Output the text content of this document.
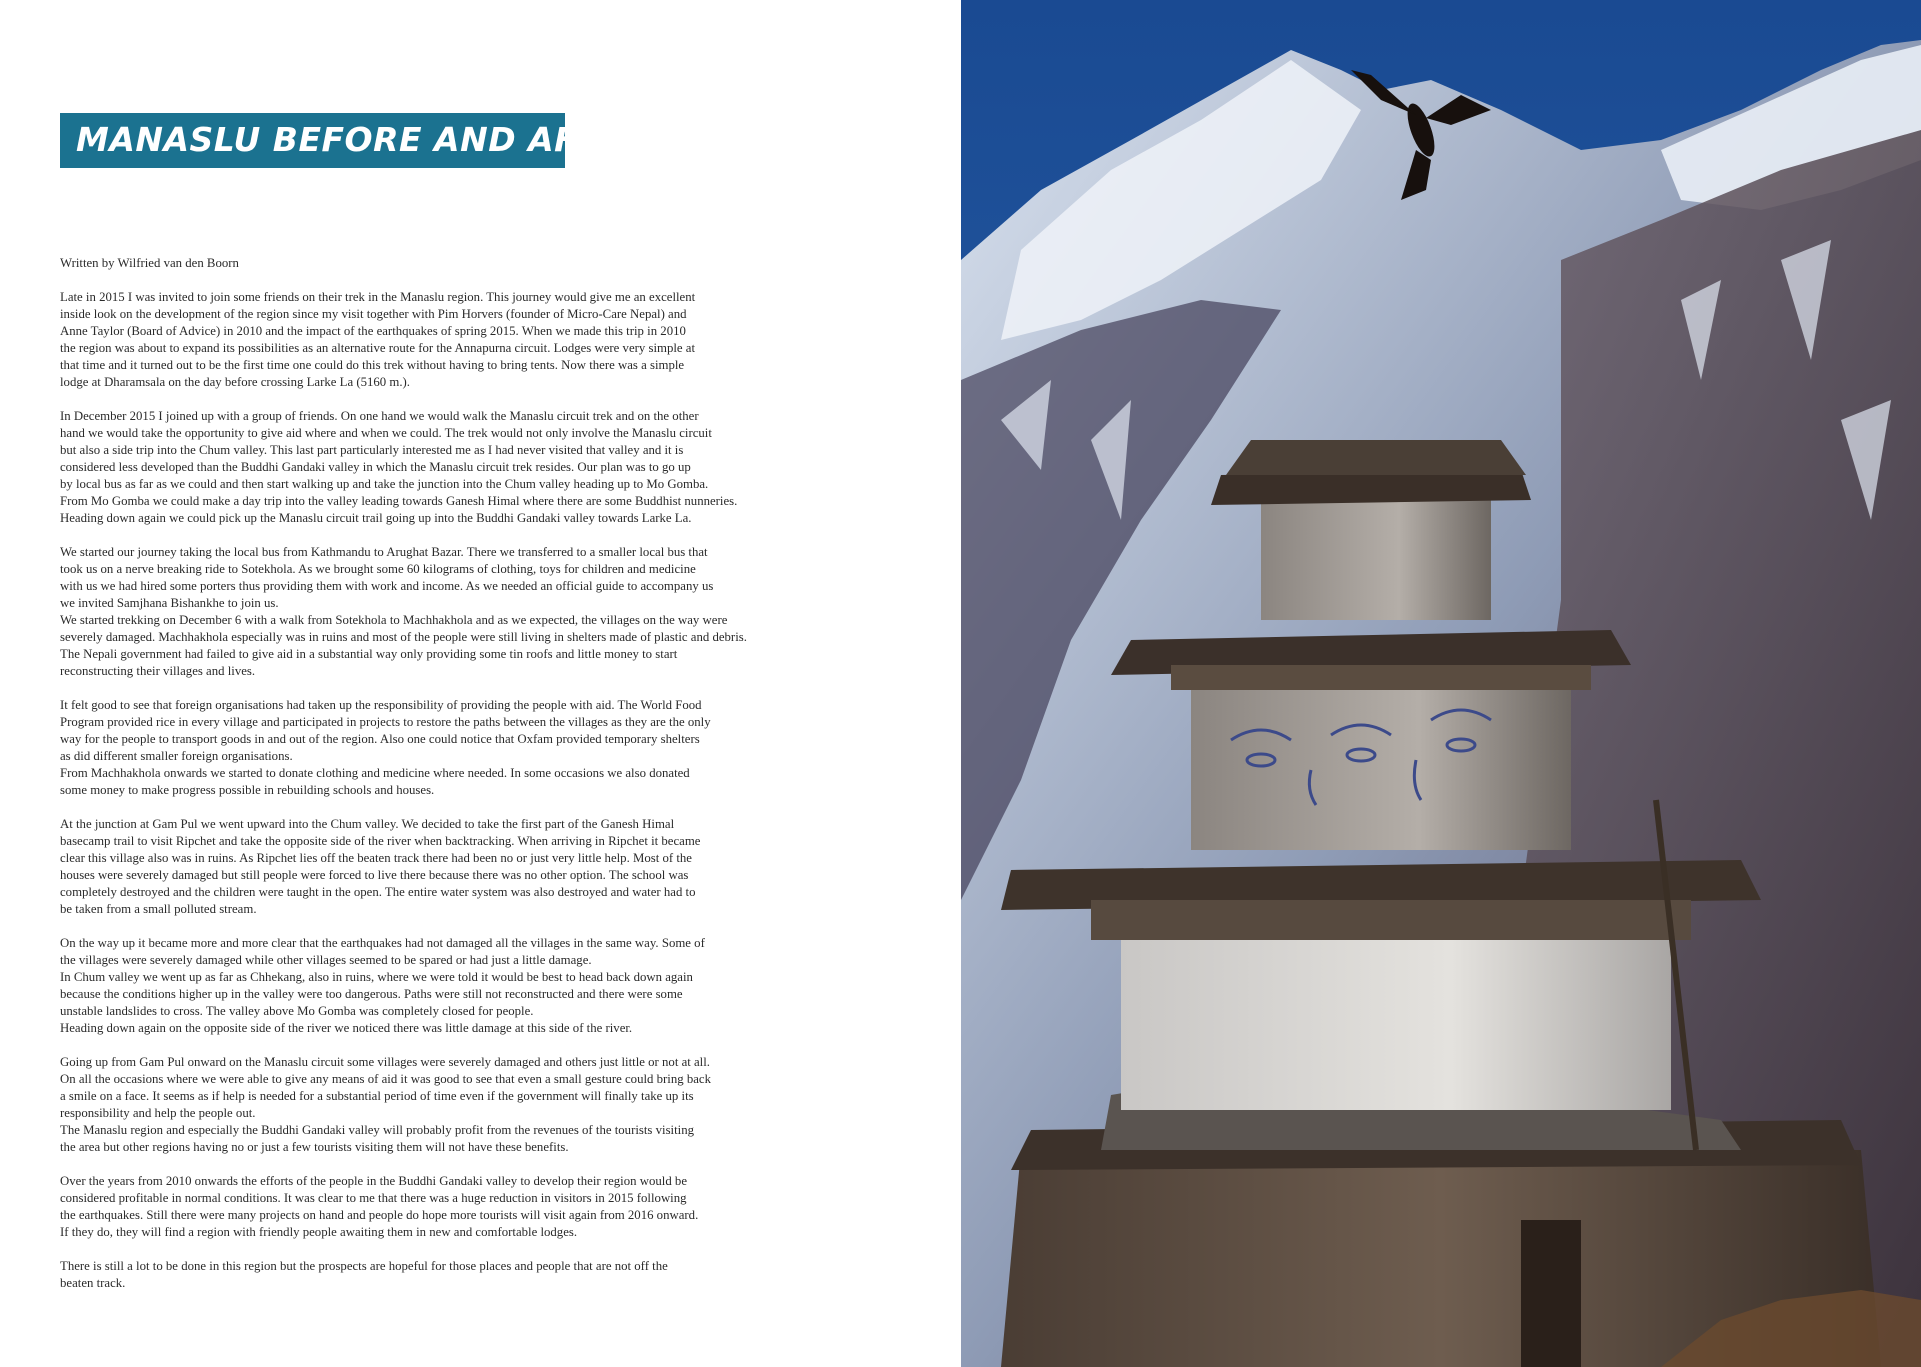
MANASLU BEFORE AND AFTER

Written by Wilfried van den Boorn

Late in 2015 I was invited to join some friends on their trek in the Manaslu region. This journey would give me an excellent
inside look on the development of the region since my visit together with Pim Horvers (founder of Micro-Care Nepal) and
Anne Taylor (Board of Advice) in 2010 and the impact of the earthquakes of spring 2015. When we made this trip in 2010
the region was about to expand its possibilities as an alternative route for the Annapurna circuit. Lodges were very simple at
that time and it turned out to be the first time one could do this trek without having to bring tents. Now there was a simple
lodge at Dharamsala on the day before crossing Larke La (5160 m.).

In December 2015 I joined up with a group of friends. On one hand we would walk the Manaslu circuit trek and on the other
hand we would take the opportunity to give aid where and when we could. The trek would not only involve the Manaslu circuit
but also a side trip into the Chum valley. This last part particularly interested me as I had never visited that valley and it is
considered less developed than the Buddhi Gandaki valley in which the Manaslu circuit trek resides. Our plan was to go up
by local bus as far as we could and then start walking up and take the junction into the Chum valley heading up to Mo Gomba.
From Mo Gomba we could make a day trip into the valley leading towards Ganesh Himal where there are some Buddhist nunneries.
Heading down again we could pick up the Manaslu circuit trail going up into the Buddhi Gandaki valley towards Larke La.

We started our journey taking the local bus from Kathmandu to Arughat Bazar. There we transferred to a smaller local bus that
took us on a nerve breaking ride to Sotekhola. As we brought some 60 kilograms of clothing, toys for children and medicine
with us we had hired some porters thus providing them with work and income. As we needed an official guide to accompany us
we invited Samjhana Bishankhe to join us.
We started trekking on December 6 with a walk from Sotekhola to Machhakhola and as we expected, the villages on the way were
severely damaged. Machhakhola especially was in ruins and most of the people were still living in shelters made of plastic and debris.
The Nepali government had failed to give aid in a substantial way only providing some tin roofs and little money to start
reconstructing their villages and lives.

It felt good to see that foreign organisations had taken up the responsibility of providing the people with aid. The World Food
Program provided rice in every village and participated in projects to restore the paths between the villages as they are the only
way for the people to transport goods in and out of the region. Also one could notice that Oxfam provided temporary shelters
as did different smaller foreign organisations.
From Machhakhola onwards we started to donate clothing and medicine where needed. In some occasions we also donated
some money to make progress possible in rebuilding schools and houses.

At the junction at Gam Pul we went upward into the Chum valley. We decided to take the first part of the Ganesh Himal
basecamp trail to visit Ripchet and take the opposite side of the river when backtracking. When arriving in Ripchet it became
clear this village also was in ruins. As Ripchet lies off the beaten track there had been no or just very little help. Most of the
houses were severely damaged but still people were forced to live there because there was no other option. The school was
completely destroyed and the children were taught in the open. The entire water system was also destroyed and water had to
be taken from a small polluted stream.

On the way up it became more and more clear that the earthquakes had not damaged all the villages in the same way. Some of
the villages were severely damaged while other villages seemed to be spared or had just a little damage.
In Chum valley we went up as far as Chhekang, also in ruins, where we were told it would be best to head back down again
because the conditions higher up in the valley were too dangerous. Paths were still not reconstructed and there were some
unstable landslides to cross. The valley above Mo Gomba was completely closed for people.
Heading down again on the opposite side of the river we noticed there was little damage at this side of the river.

Going up from Gam Pul onward on the Manaslu circuit some villages were severely damaged and others just little or not at all.
On all the occasions where we were able to give any means of aid it was good to see that even a small gesture could bring back
a smile on a face. It seems as if help is needed for a substantial period of time even if the government will finally take up its
responsibility and help the people out.
The Manaslu region and especially the Buddhi Gandaki valley will probably profit from the revenues of the tourists visiting
the area but other regions having no or just a few tourists visiting them will not have these benefits.

Over the years from 2010 onwards the efforts of the people in the Buddhi Gandaki valley to develop their region would be
considered profitable in normal conditions. It was clear to me that there was a huge reduction in visitors in 2015 following
the earthquakes. Still there were many projects on hand and people do hope more tourists will visit again from 2016 onward.
If they do, they will find a region with friendly people awaiting them in new and comfortable lodges.

There is still a lot to be done in this region but the prospects are hopeful for those places and people that are not off the
beaten track.
